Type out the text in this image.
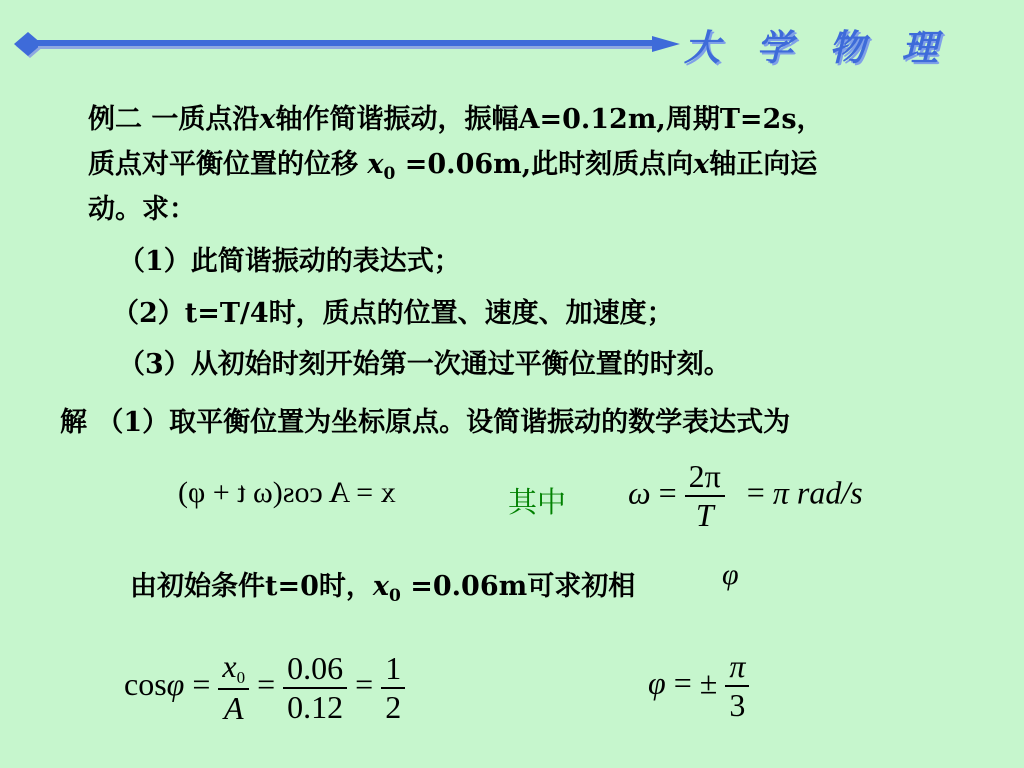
大 学 物 理
例二 一质点沿x轴作简谐振动，振幅A=0.12m,周期T=2s，
质点对平衡位置的位移 $x_0 =0.06m$,此时刻质点向x轴正向运
动。求：
（1）此简谐振动的表达式；
（2）t=T/4时，质点的位置、速度、加速度；
（3）从初始时刻开始第一次通过平衡位置的时刻。
解 （1）取平衡位置为坐标原点。设简谐振动的数学表达式为
x = A cos(ω t + φ)	其中 $\omega = \frac{2\pi}{T} = \pi$ rad/s
由初始条件t=0时，$x_0 =0.06m$可求初相	φ
$\cos\varphi = \frac{x_0}{A} = \frac{0.06}{0.12} = \frac{1}{2}$	φ = ± $\frac{\pi}{3}$
